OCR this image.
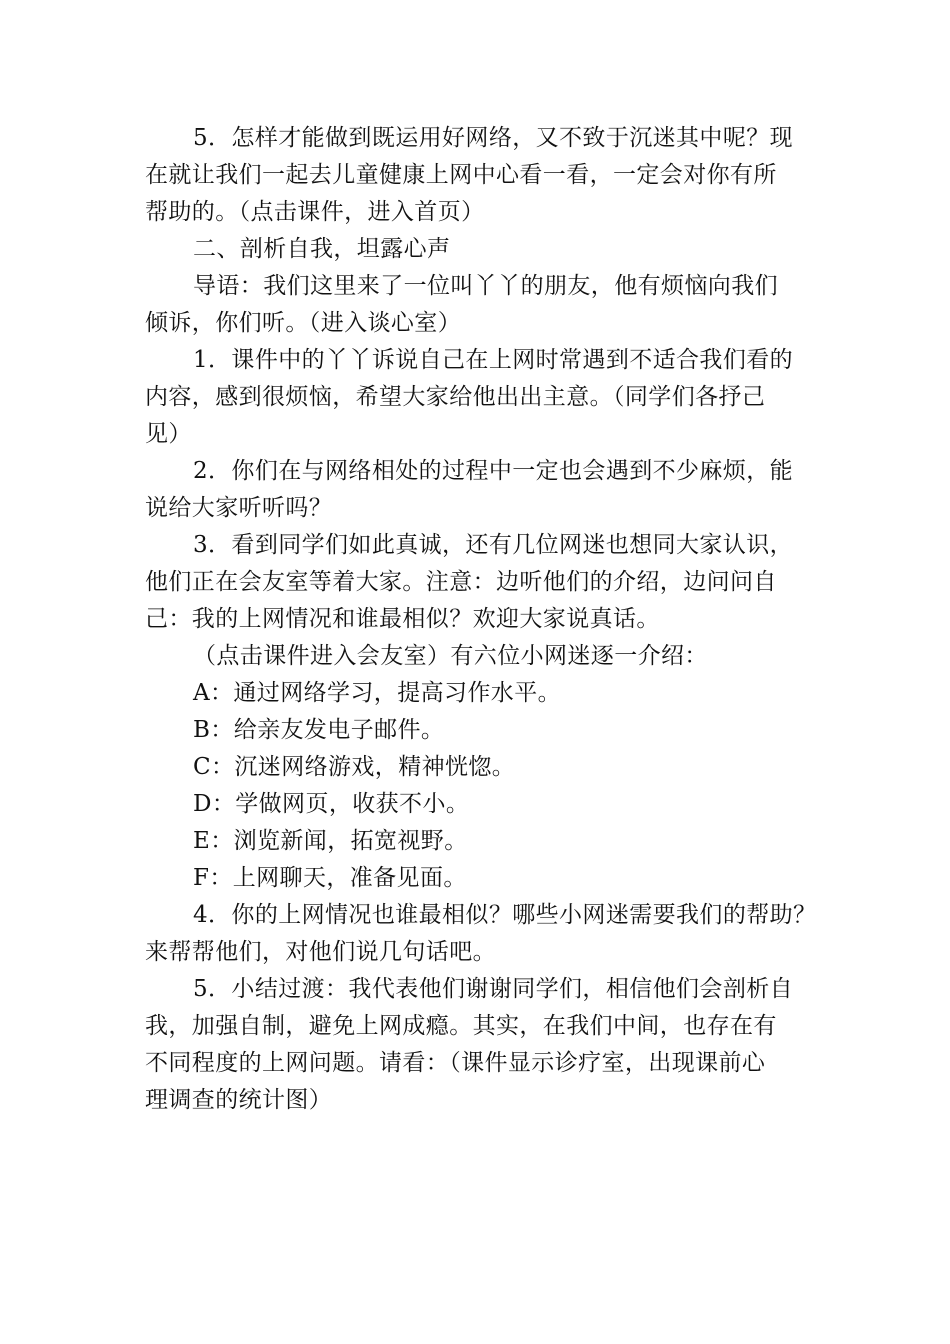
5．怎样才能做到既运用好网络，又不致于沉迷其中呢？现
在就让我们一起去儿童健康上网中心看一看，一定会对你有所
帮助的。（点击课件，进入首页）
二、剖析自我，坦露心声
导语：我们这里来了一位叫丫丫的朋友，他有烦恼向我们
倾诉，你们听。（进入谈心室）
1．课件中的丫丫诉说自己在上网时常遇到不适合我们看的
内容，感到很烦恼，希望大家给他出出主意。（同学们各抒己
见）
2．你们在与网络相处的过程中一定也会遇到不少麻烦，能
说给大家听听吗？
3．看到同学们如此真诚，还有几位网迷也想同大家认识，
他们正在会友室等着大家。注意：边听他们的介绍，边问问自
己：我的上网情况和谁最相似？欢迎大家说真话。
（点击课件进入会友室）有六位小网迷逐一介绍：
A：通过网络学习，提高习作水平。
B：给亲友发电子邮件。
C：沉迷网络游戏，精神恍惚。
D：学做网页，收获不小。
E：浏览新闻，拓宽视野。
F：上网聊天，准备见面。
4．你的上网情况也谁最相似？哪些小网迷需要我们的帮助？
来帮帮他们，对他们说几句话吧。
5．小结过渡：我代表他们谢谢同学们，相信他们会剖析自
我，加强自制，避免上网成瘾。其实，在我们中间，也存在有
不同程度的上网问题。请看：（课件显示诊疗室，出现课前心
理调查的统计图）
